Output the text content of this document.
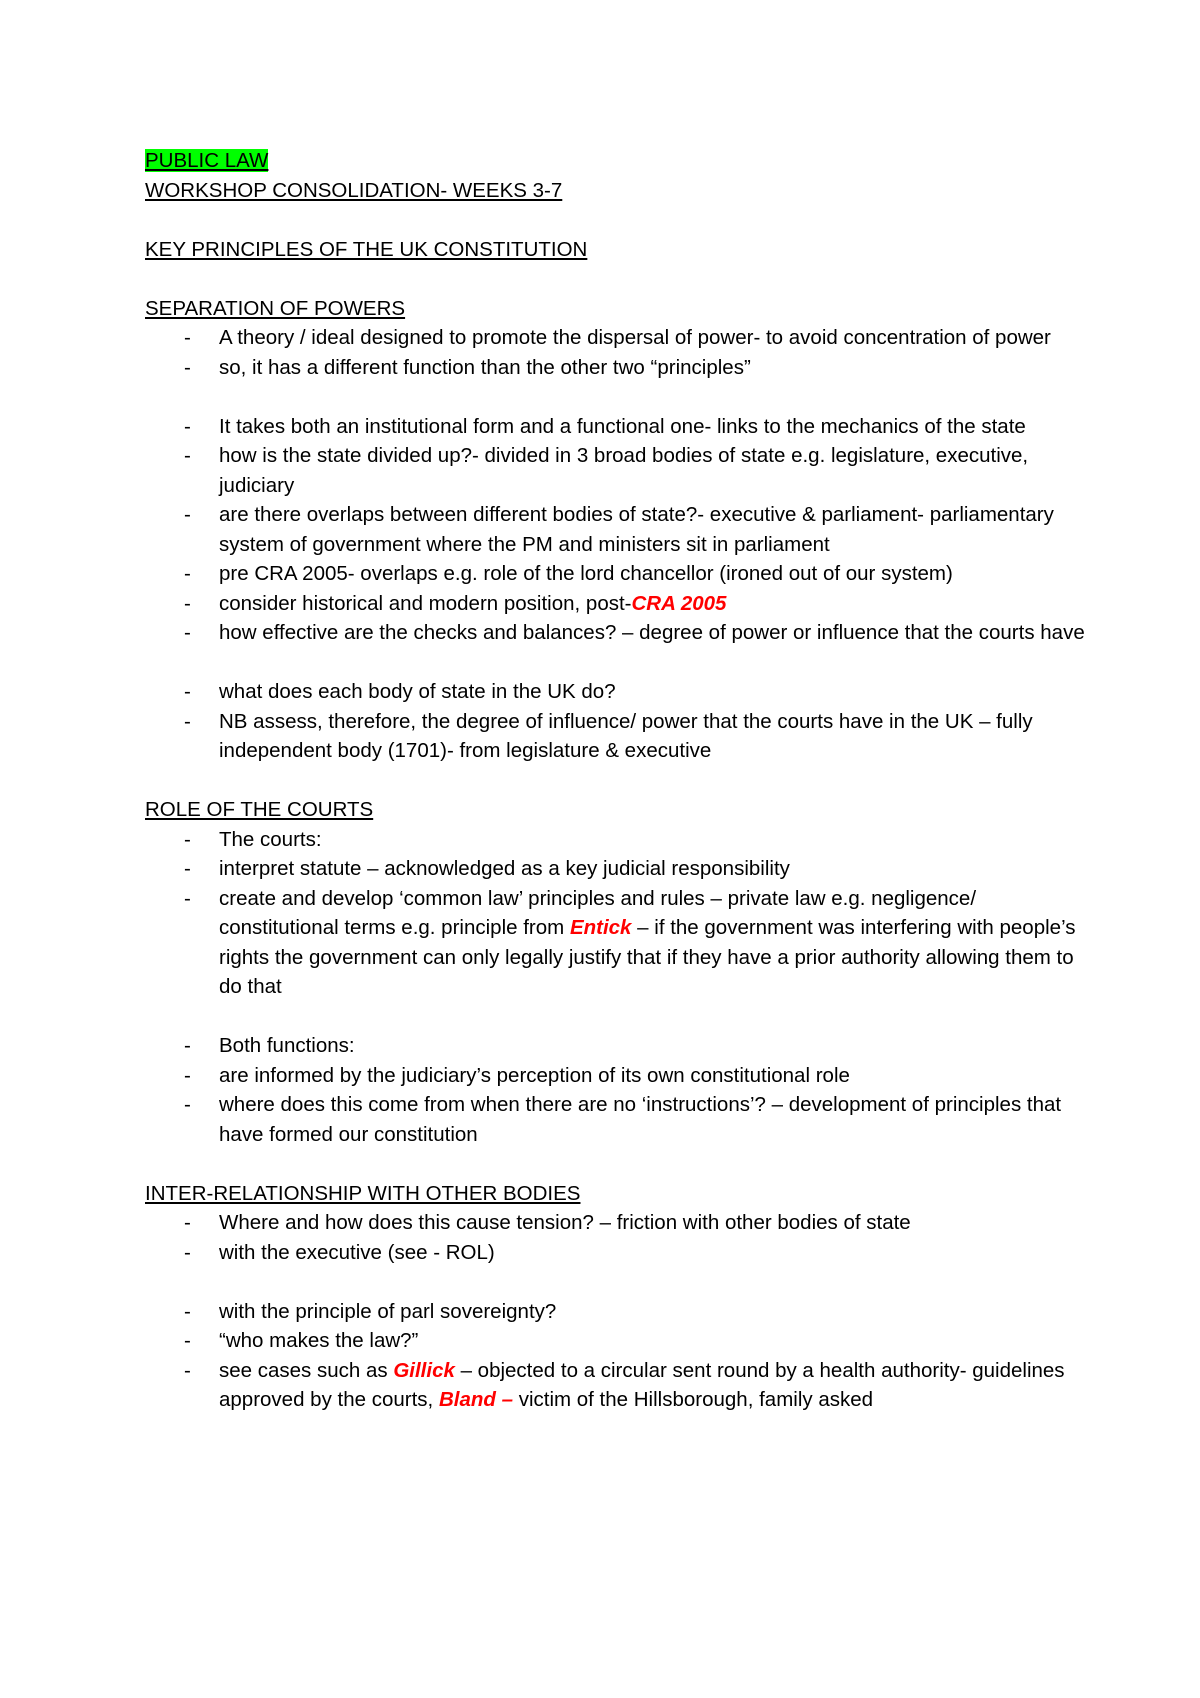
PUBLIC LAW
WORKSHOP CONSOLIDATION- WEEKS 3-7
KEY PRINCIPLES OF THE UK CONSTITUTION
SEPARATION OF POWERS
- A theory / ideal designed to promote the dispersal of power- to avoid concentration of power
- so, it has a different function than the other two “principles”
- It takes both an institutional form and a functional one- links to the mechanics of the state
- how is the state divided up?- divided in 3 broad bodies of state e.g. legislature, executive, judiciary
- are there overlaps between different bodies of state?- executive & parliament- parliamentary system of government where the PM and ministers sit in parliament
- pre CRA 2005- overlaps e.g. role of the lord chancellor (ironed out of our system)
- consider historical and modern position, post-CRA 2005
- how effective are the checks and balances? – degree of power or influence that the courts have
- what does each body of state in the UK do?
- NB assess, therefore, the degree of influence/ power that the courts have in the UK – fully independent body (1701)- from legislature & executive
ROLE OF THE COURTS
- The courts:
- interpret statute – acknowledged as a key judicial responsibility
- create and develop ‘common law’ principles and rules – private law e.g. negligence/ constitutional terms e.g. principle from Entick – if the government was interfering with people’s rights the government can only legally justify that if they have a prior authority allowing them to do that
- Both functions:
- are informed by the judiciary’s perception of its own constitutional role
- where does this come from when there are no ‘instructions’? – development of principles that have formed our constitution
INTER-RELATIONSHIP WITH OTHER BODIES
- Where and how does this cause tension? – friction with other bodies of state
- with the executive (see - ROL)
- with the principle of parl sovereignty?
- “who makes the law?”
- see cases such as Gillick – objected to a circular sent round by a health authority- guidelines approved by the courts, Bland – victim of the Hillsborough, family asked
